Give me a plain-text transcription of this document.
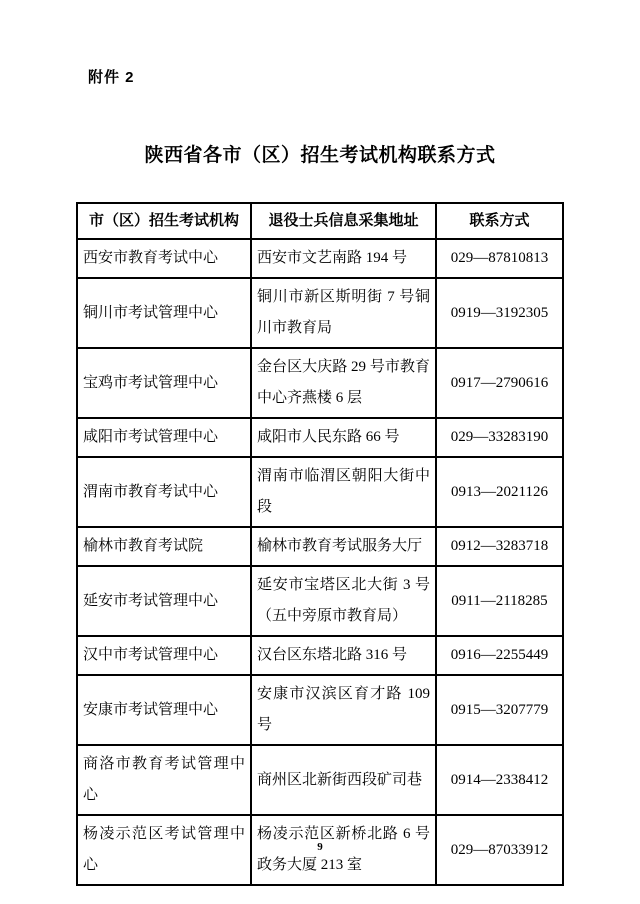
附件 2
陕西省各市（区）招生考试机构联系方式
市（区）招生考试机构	退役士兵信息采集地址	联系方式
西安市教育考试中心	西安市文艺南路 194 号	029—87810813
铜川市考试管理中心	铜川市新区斯明街 7 号铜川市教育局	0919—3192305
宝鸡市考试管理中心	金台区大庆路 29 号市教育中心齐燕楼 6 层	0917—2790616
咸阳市考试管理中心	咸阳市人民东路 66 号	029—33283190
渭南市教育考试中心	渭南市临渭区朝阳大街中段	0913—2021126
榆林市教育考试院	榆林市教育考试服务大厅	0912—3283718
延安市考试管理中心	延安市宝塔区北大街 3 号（五中旁原市教育局）	0911—2118285
汉中市考试管理中心	汉台区东塔北路 316 号	0916—2255449
安康市考试管理中心	安康市汉滨区育才路 109 号	0915—3207779
商洛市教育考试管理中心	商州区北新街西段矿司巷	0914—2338412
杨凌示范区考试管理中心	杨凌示范区新桥北路 6 号政务大厦 213 室	029—87033912
9
